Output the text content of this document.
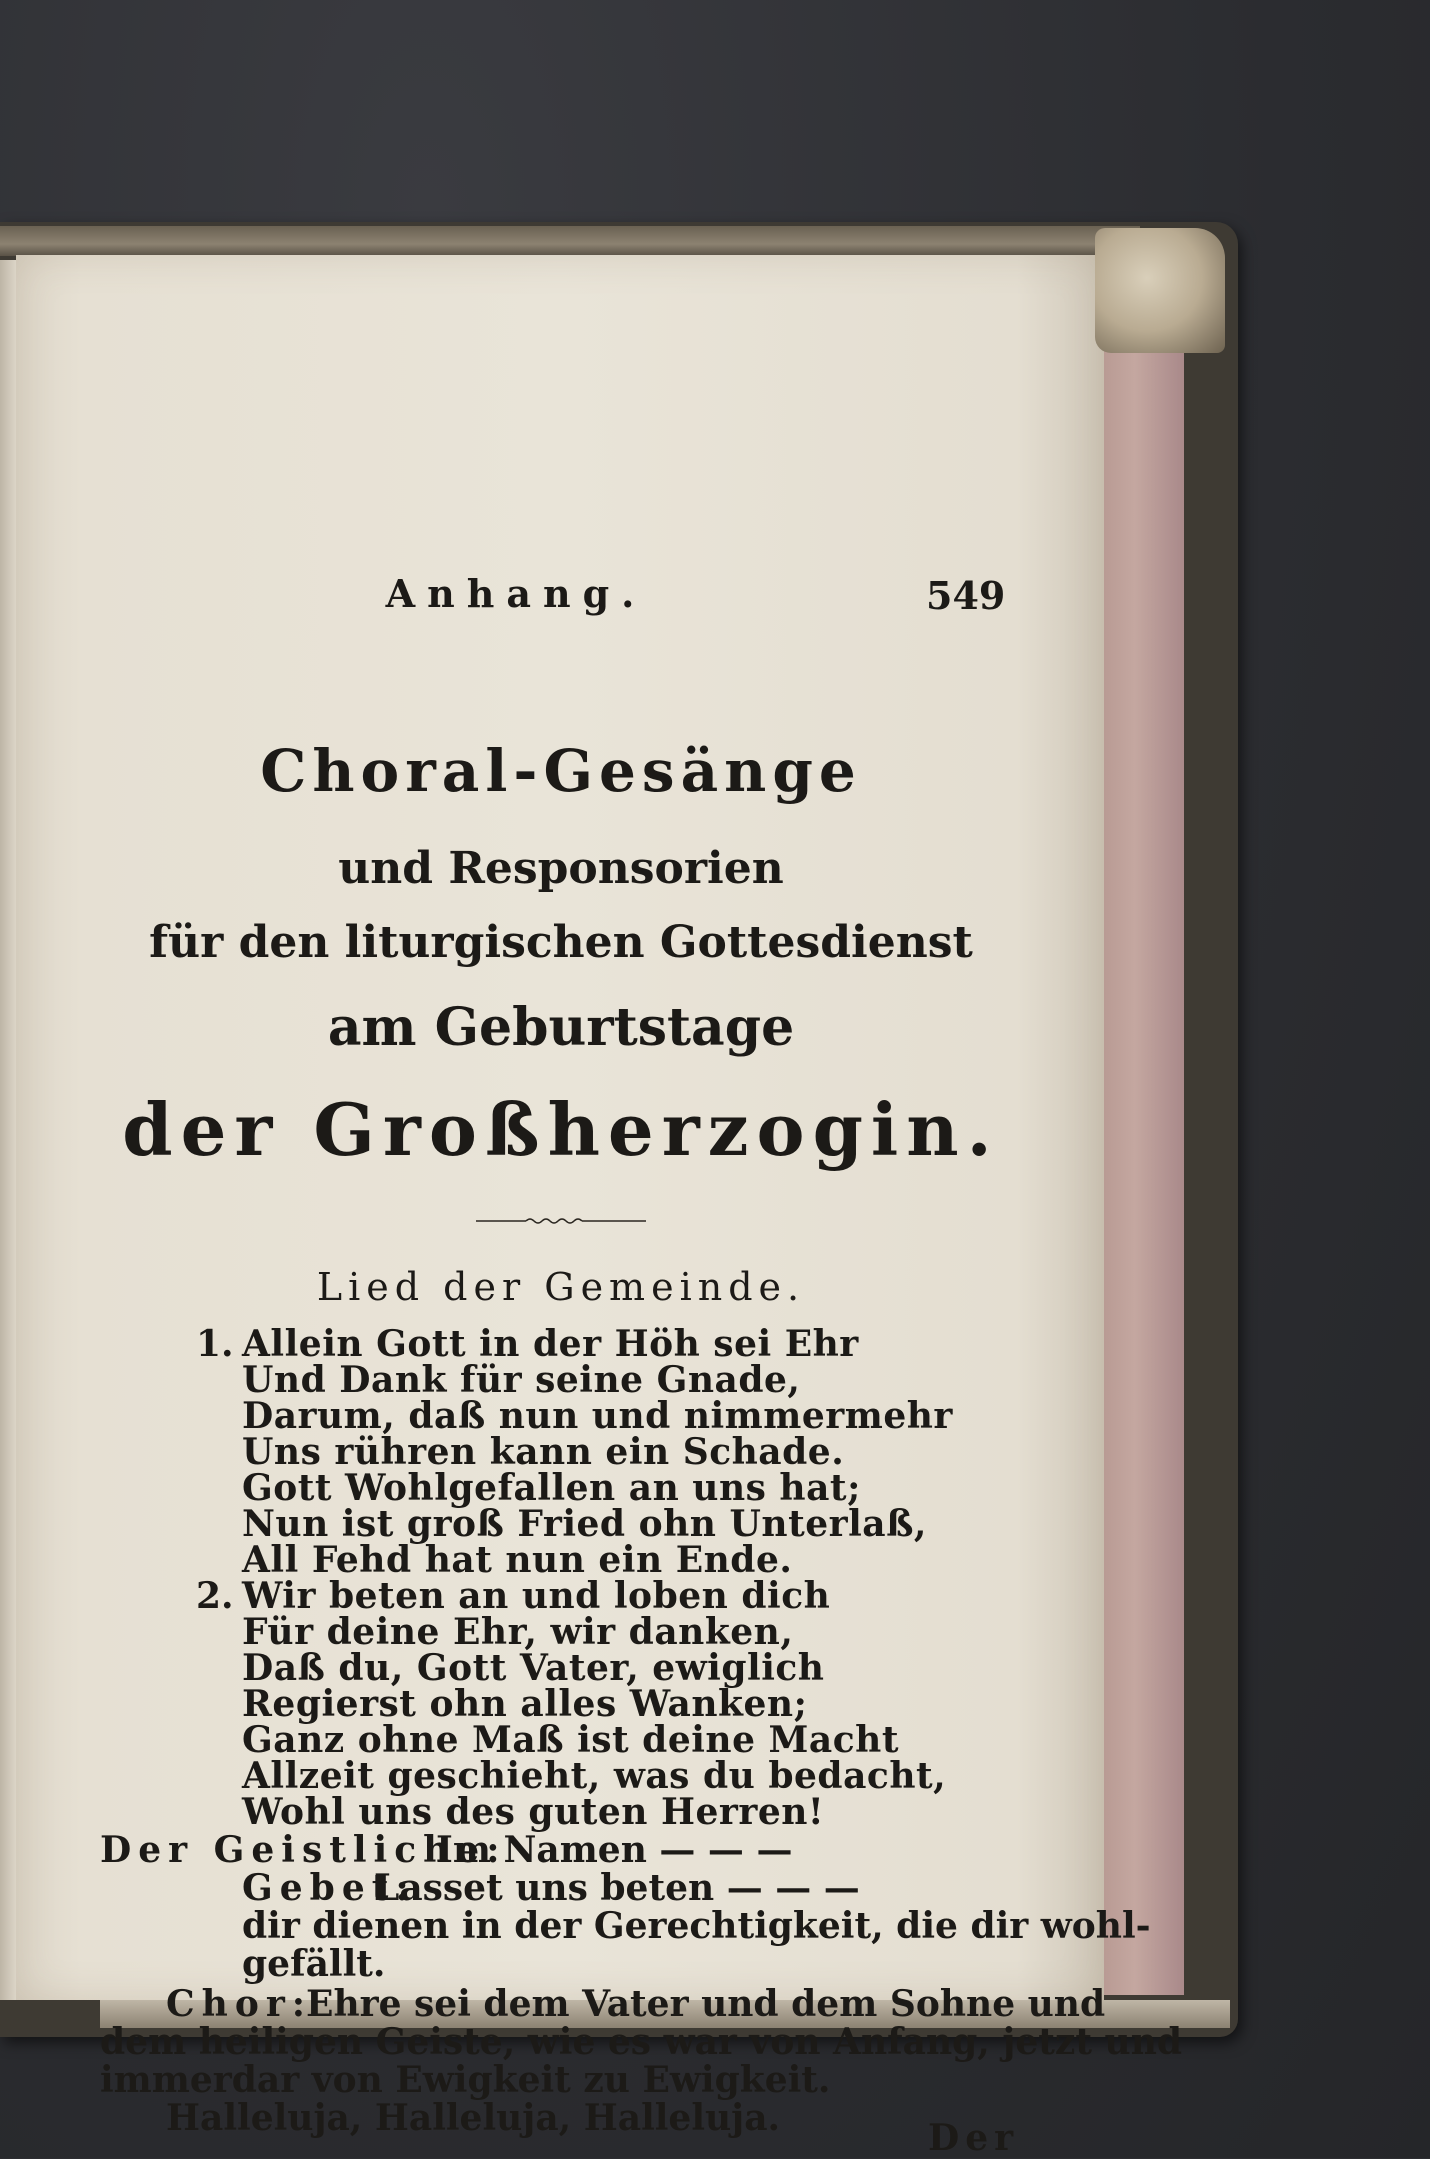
Anhang.	549
Choral-Gesänge
und Responsorien
für den liturgischen Gottesdienst
am Geburtstage
der Großherzogin.
Lied der Gemeinde.
1. Allein Gott in der Höh sei Ehr
Und Dank für seine Gnade,
Darum, daß nun und nimmermehr
Uns rühren kann ein Schade.
Gott Wohlgefallen an uns hat;
Nun ist groß Fried ohn Unterlaß,
All Fehd hat nun ein Ende.
2. Wir beten an und loben dich
Für deine Ehr, wir danken,
Daß du, Gott Vater, ewiglich
Regierst ohn alles Wanken;
Ganz ohne Maß ist deine Macht
Allzeit geschieht, was du bedacht,
Wohl uns des guten Herren!
Der Geistliche:
Im Namen — — —
Gebet:
Lasset uns beten — — —
dir dienen in der Gerechtigkeit, die dir wohl-
gefällt.
Chor:
Ehre sei dem Vater und dem Sohne und
dem heiligen Geiste, wie es war von Anfang, jetzt und
immerdar von Ewigkeit zu Ewigkeit.
Halleluja, Halleluja, Halleluja.	Der
